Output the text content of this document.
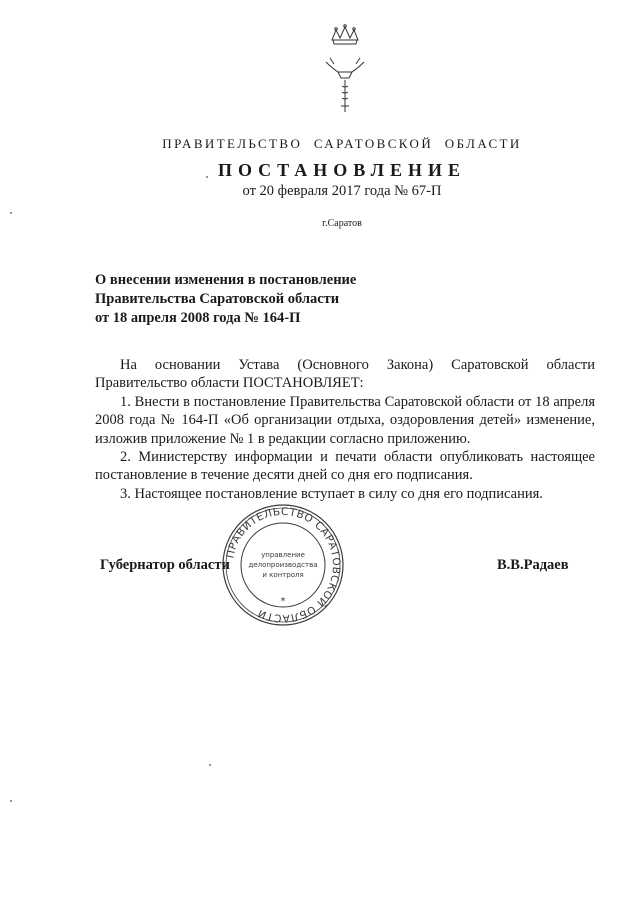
ПРАВИТЕЛЬСТВО САРАТОВСКОЙ ОБЛАСТИ
ПОСТАНОВЛЕНИЕ
от 20 февраля 2017 года № 67-П
г.Саратов
О внесении изменения в постановление
Правительства Саратовской области
от 18 апреля 2008 года № 164-П

На основании Устава (Основного Закона) Саратовской области Правительство области ПОСТАНОВЛЯЕТ:

1. Внести в постановление Правительства Саратовской области от 18 апреля 2008 года № 164-П «Об организации отдыха, оздоровления детей» изменение, изложив приложение № 1 в редакции согласно приложению.

2. Министерству информации и печати области опубликовать настоящее постановление в течение десяти дней со дня его подписания.

3. Настоящее постановление вступает в силу со дня его подписания.

ПРАВИТЕЛЬСТВО САРАТОВСКОЙ ОБЛАСТИ
управление
делопроизводства
и контроля
*
Губернатор области	В.В.Радаев
